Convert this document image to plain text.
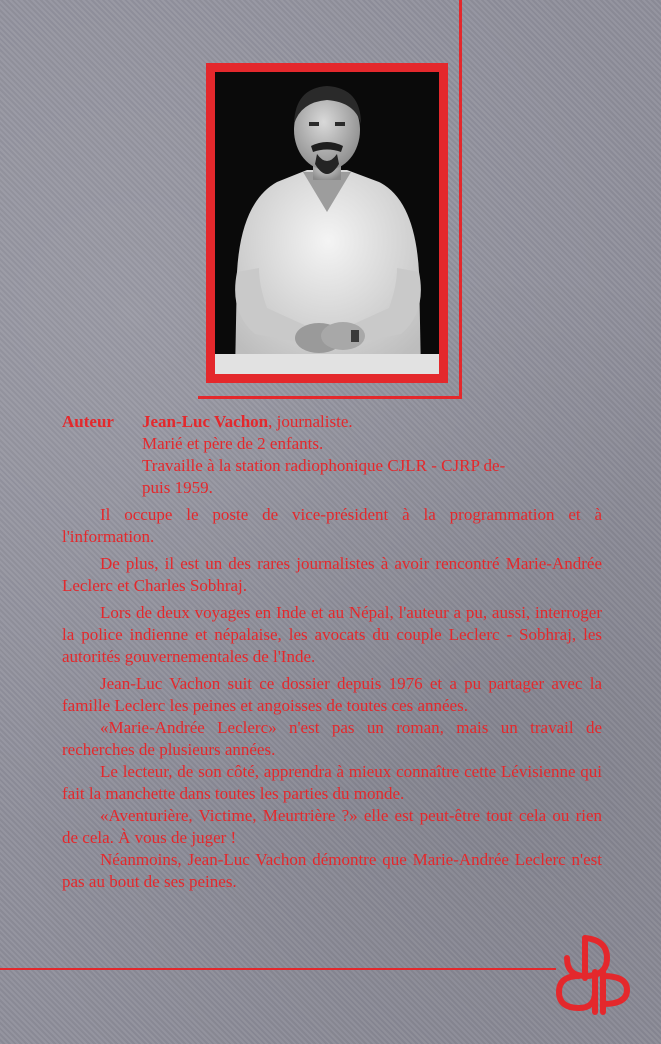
Auteur	Jean-Luc Vachon, journaliste.
Marié et père de 2 enfants.
Travaille à la station radiophonique CJLR - CJRP de-
puis 1959.

Il occupe le poste de vice-président à la programmation et à l'information.

De plus, il est un des rares journalistes à avoir rencontré Marie-Andrée Leclerc et Charles Sobhraj.

Lors de deux voyages en Inde et au Népal, l'auteur a pu, aussi, interroger la police indienne et népalaise, les avocats du couple Leclerc - Sobhraj, les autorités gouvernementales de l'Inde.

Jean-Luc Vachon suit ce dossier depuis 1976 et a pu partager avec la famille Leclerc les peines et angoisses de toutes ces années.

«Marie-Andrée Leclerc» n'est pas un roman, mais un travail de recherches de plusieurs années.

Le lecteur, de son côté, apprendra à mieux connaître cette Lévisienne qui fait la manchette dans toutes les parties du monde.

«Aventurière, Victime, Meurtrière ?» elle est peut-être tout cela ou rien de cela. À vous de juger !

Néanmoins, Jean-Luc Vachon démontre que Marie-Andrée Leclerc n'est pas au bout de ses peines.
